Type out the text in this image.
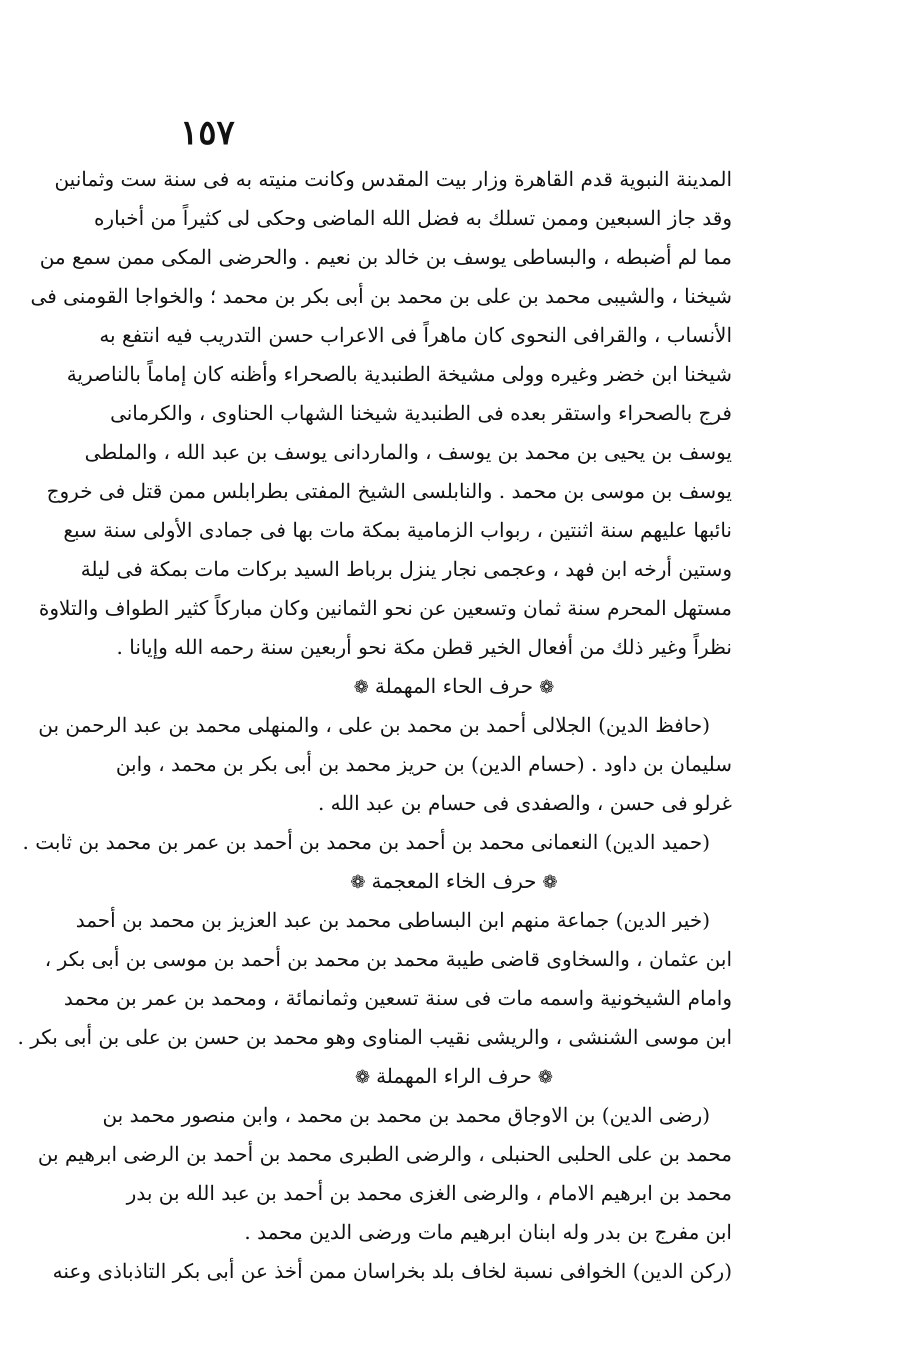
١٥٧
المدينة النبوية قدم القاهرة وزار بيت المقدس وكانت منيته به فى سنة ست وثمانين
وقد جاز السبعين وممن تسلك به فضل الله الماضى وحكى لى كثيراً من أخباره
مما لم أضبطه ، والبساطى يوسف بن خالد بن نعيم . والحرضى المكى ممن سمع من
شيخنا ، والشيبى محمد بن على بن محمد بن أبى بكر بن محمد ؛ والخواجا القومنى فى
الأنساب ، والقرافى النحوى كان ماهراً فى الاعراب حسن التدريب فيه انتفع به
شيخنا ابن خضر وغيره وولى مشيخة الطنبدية بالصحراء وأظنه كان إماماً بالناصرية
فرج بالصحراء واستقر بعده فى الطنبدية شيخنا الشهاب الحناوى ، والكرمانى
يوسف بن يحيى بن محمد بن يوسف ، والماردانى يوسف بن عبد الله ، والملطى
يوسف بن موسى بن محمد . والنابلسى الشيخ المفتى بطرابلس ممن قتل فى خروج
نائبها عليهم سنة اثنتين ، ربواب الزمامية بمكة مات بها فى جمادى الأولى سنة سبع
وستين أرخه ابن فهد ، وعجمى نجار ينزل برباط السيد بركات مات بمكة فى ليلة
مستهل المحرم سنة ثمان وتسعين عن نحو الثمانين وكان مباركاً كثير الطواف والتلاوة
نظراً وغير ذلك من أفعال الخير قطن مكة نحو أربعين سنة رحمه الله وإيانا .
❁حرف الحاء المهملة❁
(حافظ الدين) الجلالى أحمد بن محمد بن على ، والمنهلى محمد بن عبد الرحمن بن
سليمان بن داود . (حسام الدين) بن حريز محمد بن أبى بكر بن محمد ، وابن
غرلو فى حسن ، والصفدى فى حسام بن عبد الله .
(حميد الدين) النعمانى محمد بن أحمد بن محمد بن أحمد بن عمر بن محمد بن ثابت .
❁حرف الخاء المعجمة❁
(خير الدين) جماعة منهم ابن البساطى محمد بن عبد العزيز بن محمد بن أحمد
ابن عثمان ، والسخاوى قاضى طيبة محمد بن محمد بن أحمد بن موسى بن أبى بكر ،
وامام الشيخونية واسمه مات فى سنة تسعين وثمانمائة ، ومحمد بن عمر بن محمد
ابن موسى الشنشى ، والريشى نقيب المناوى وهو محمد بن حسن بن على بن أبى بكر .
❁حرف الراء المهملة❁
(رضى الدين) بن الاوجاق محمد بن محمد بن محمد ، وابن منصور محمد بن
محمد بن على الحلبى الحنبلى ، والرضى الطبرى محمد بن أحمد بن الرضى ابرهيم بن
محمد بن ابرهيم الامام ، والرضى الغزى محمد بن أحمد بن عبد الله بن بدر
ابن مفرج بن بدر وله ابنان ابرهيم مات ورضى الدين محمد .
(ركن الدين) الخوافى نسبة لخاف بلد بخراسان ممن أخذ عن أبى بكر التاذباذى وعنه
